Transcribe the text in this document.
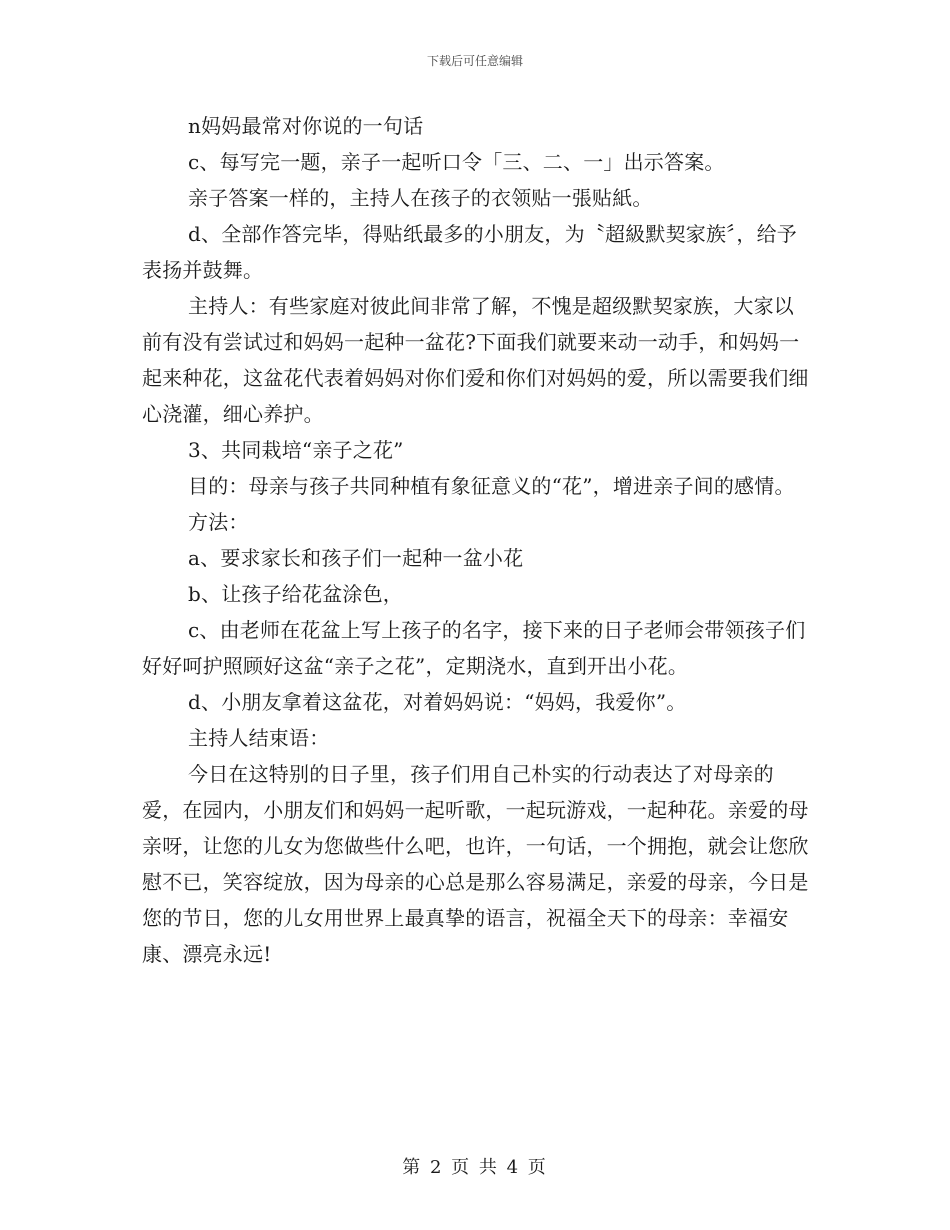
下载后可任意编辑

n妈妈最常对你说的一句话

c、每写完一题，亲子一起听口令「三、二、一」出示答案。

亲子答案一样的，主持人在孩子的衣领贴一張贴紙。

d、全部作答完毕，得贴纸最多的小朋友，为〝超級默契家族〞，给予表扬并鼓舞。

主持人：有些家庭对彼此间非常了解，不愧是超级默契家族，大家以前有没有尝试过和妈妈一起种一盆花?下面我们就要来动一动手，和妈妈一起来种花，这盆花代表着妈妈对你们爱和你们对妈妈的爱，所以需要我们细心浇灌，细心养护。

3、共同栽培“亲子之花”

目的：母亲与孩子共同种植有象征意义的“花”，增进亲子间的感情。

方法：

a、要求家长和孩子们一起种一盆小花

b、让孩子给花盆涂色，

c、由老师在花盆上写上孩子的名字，接下来的日子老师会带领孩子们好好呵护照顾好这盆“亲子之花”，定期浇水，直到开出小花。

d、小朋友拿着这盆花，对着妈妈说：“妈妈，我爱你”。

主持人结束语：

今日在这特别的日子里，孩子们用自己朴实的行动表达了对母亲的爱，在园内，小朋友们和妈妈一起听歌，一起玩游戏，一起种花。亲爱的母亲呀，让您的儿女为您做些什么吧，也许，一句话，一个拥抱，就会让您欣慰不已，笑容绽放，因为母亲的心总是那么容易满足，亲爱的母亲，今日是您的节日，您的儿女用世界上最真挚的语言，祝福全天下的母亲：幸福安康、漂亮永远!

第 2 页 共 4 页
